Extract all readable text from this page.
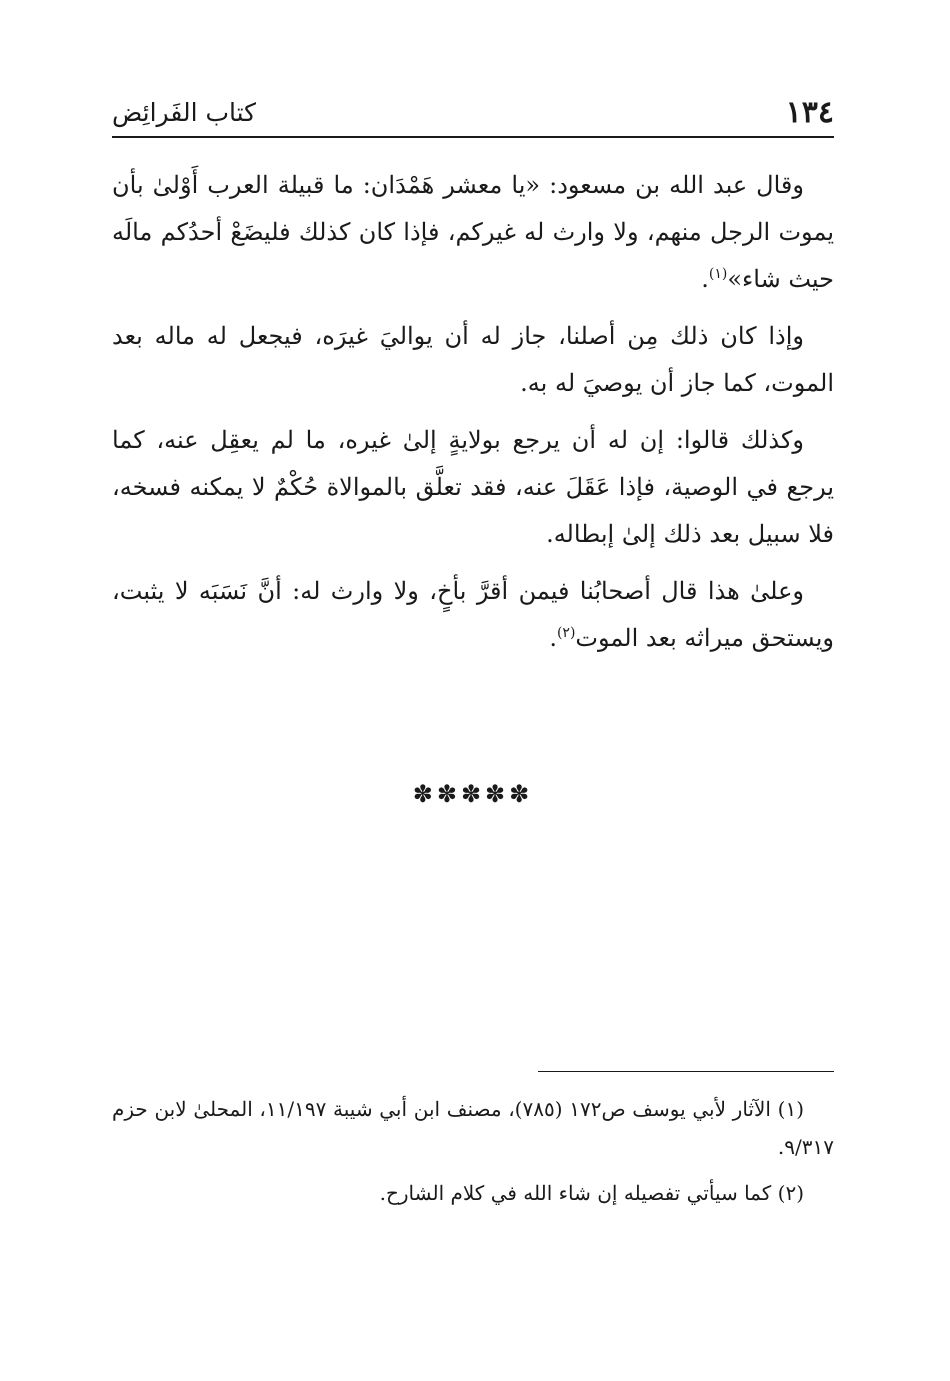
١٣٤
كتاب الفَرائِض

وقال عبد الله بن مسعود: «يا معشر هَمْدَان: ما قبيلة العرب أَوْلىٰ بأن يموت الرجل منهم، ولا وارث له غيركم، فإذا كان كذلك فليضَعْ أحدُكم مالَه حيث شاء»$^{(١)}$.

وإذا كان ذلك مِن أصلنا، جاز له أن يواليَ غيرَه، فيجعل له ماله بعد الموت، كما جاز أن يوصيَ له به.

وكذلك قالوا: إن له أن يرجع بولايةٍ إلىٰ غيره، ما لم يعقِل عنه، كما يرجع في الوصية، فإذا عَقَلَ عنه، فقد تعلَّق بالموالاة حُكْمٌ لا يمكنه فسخه، فلا سبيل بعد ذلك إلىٰ إبطاله.

وعلىٰ هذا قال أصحابُنا فيمن أقرَّ بأخٍ، ولا وارث له: أنَّ نَسَبَه لا يثبت، ويستحق ميراثه بعد الموت$^{(٢)}$.

✽✽✽✽✽

(١) الآثار لأبي يوسف ص١٧٢ (٧٨٥)، مصنف ابن أبي شيبة ١١/١٩٧، المحلىٰ لابن حزم ٩/٣١٧.

(٢) كما سيأتي تفصيله إن شاء الله في كلام الشارح.
